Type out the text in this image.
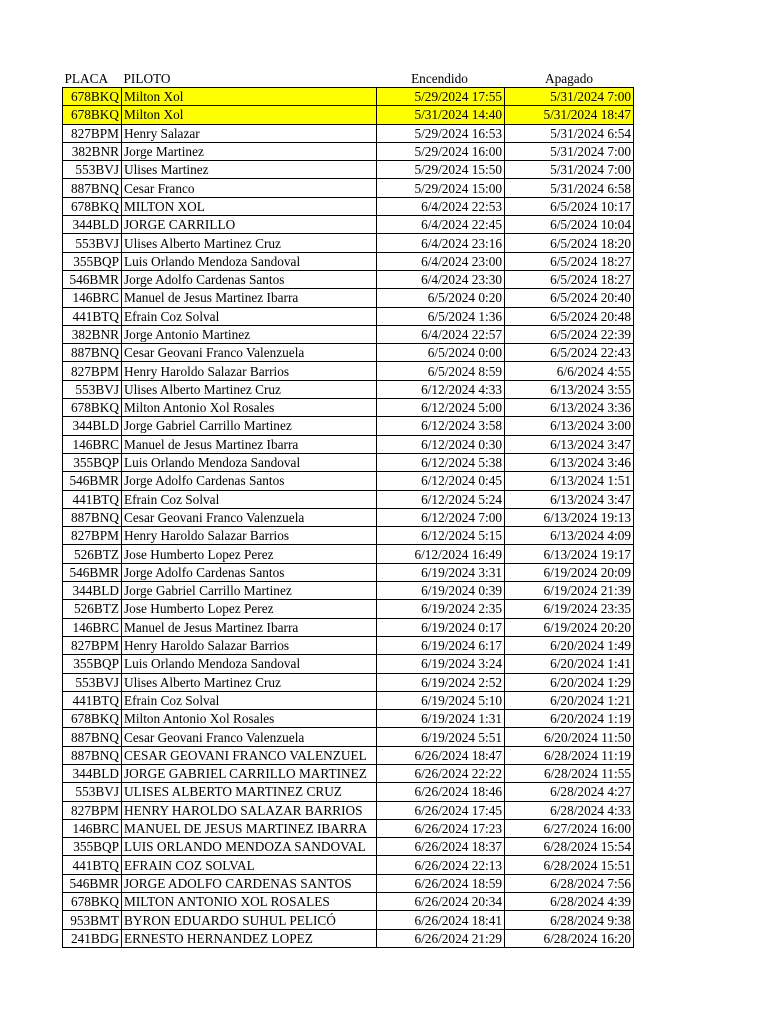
PLACA	PILOTO	Encendido	Apagado
678BKQ	Milton Xol	5/29/2024 17:55	5/31/2024 7:00
678BKQ	Milton Xol	5/31/2024 14:40	5/31/2024 18:47
827BPM	Henry Salazar	5/29/2024 16:53	5/31/2024 6:54
382BNR	Jorge Martinez	5/29/2024 16:00	5/31/2024 7:00
553BVJ	Ulises Martinez	5/29/2024 15:50	5/31/2024 7:00
887BNQ	Cesar Franco	5/29/2024 15:00	5/31/2024 6:58
678BKQ	MILTON XOL	6/4/2024 22:53	6/5/2024 10:17
344BLD	JORGE CARRILLO	6/4/2024 22:45	6/5/2024 10:04
553BVJ	Ulises Alberto Martinez Cruz	6/4/2024 23:16	6/5/2024 18:20
355BQP	Luis Orlando Mendoza Sandoval	6/4/2024 23:00	6/5/2024 18:27
546BMR	Jorge Adolfo Cardenas Santos	6/4/2024 23:30	6/5/2024 18:27
146BRC	Manuel de Jesus Martinez Ibarra	6/5/2024 0:20	6/5/2024 20:40
441BTQ	Efrain Coz Solval	6/5/2024 1:36	6/5/2024 20:48
382BNR	Jorge Antonio Martinez	6/4/2024 22:57	6/5/2024 22:39
887BNQ	Cesar Geovani Franco Valenzuela	6/5/2024 0:00	6/5/2024 22:43
827BPM	Henry Haroldo Salazar Barrios	6/5/2024 8:59	6/6/2024 4:55
553BVJ	Ulises Alberto Martinez Cruz	6/12/2024 4:33	6/13/2024 3:55
678BKQ	Milton Antonio Xol Rosales	6/12/2024 5:00	6/13/2024 3:36
344BLD	Jorge Gabriel Carrillo Martinez	6/12/2024 3:58	6/13/2024 3:00
146BRC	Manuel de Jesus Martinez Ibarra	6/12/2024 0:30	6/13/2024 3:47
355BQP	Luis Orlando Mendoza Sandoval	6/12/2024 5:38	6/13/2024 3:46
546BMR	Jorge Adolfo Cardenas Santos	6/12/2024 0:45	6/13/2024 1:51
441BTQ	Efrain Coz Solval	6/12/2024 5:24	6/13/2024 3:47
887BNQ	Cesar Geovani Franco Valenzuela	6/12/2024 7:00	6/13/2024 19:13
827BPM	Henry Haroldo Salazar Barrios	6/12/2024 5:15	6/13/2024 4:09
526BTZ	Jose Humberto Lopez Perez	6/12/2024 16:49	6/13/2024 19:17
546BMR	Jorge Adolfo Cardenas Santos	6/19/2024 3:31	6/19/2024 20:09
344BLD	Jorge Gabriel Carrillo Martinez	6/19/2024 0:39	6/19/2024 21:39
526BTZ	Jose Humberto Lopez Perez	6/19/2024 2:35	6/19/2024 23:35
146BRC	Manuel de Jesus Martinez Ibarra	6/19/2024 0:17	6/19/2024 20:20
827BPM	Henry Haroldo Salazar Barrios	6/19/2024 6:17	6/20/2024 1:49
355BQP	Luis Orlando Mendoza Sandoval	6/19/2024 3:24	6/20/2024 1:41
553BVJ	Ulises Alberto Martinez Cruz	6/19/2024 2:52	6/20/2024 1:29
441BTQ	Efrain Coz Solval	6/19/2024 5:10	6/20/2024 1:21
678BKQ	Milton Antonio Xol Rosales	6/19/2024 1:31	6/20/2024 1:19
887BNQ	Cesar Geovani Franco Valenzuela	6/19/2024 5:51	6/20/2024 11:50
887BNQ	CESAR GEOVANI FRANCO VALENZUEL	6/26/2024 18:47	6/28/2024 11:19
344BLD	JORGE GABRIEL CARRILLO MARTINEZ	6/26/2024 22:22	6/28/2024 11:55
553BVJ	ULISES ALBERTO MARTINEZ CRUZ	6/26/2024 18:46	6/28/2024 4:27
827BPM	HENRY HAROLDO SALAZAR BARRIOS	6/26/2024 17:45	6/28/2024 4:33
146BRC	MANUEL DE JESUS MARTINEZ IBARRA	6/26/2024 17:23	6/27/2024 16:00
355BQP	LUIS ORLANDO MENDOZA SANDOVAL	6/26/2024 18:37	6/28/2024 15:54
441BTQ	EFRAIN COZ SOLVAL	6/26/2024 22:13	6/28/2024 15:51
546BMR	JORGE ADOLFO CARDENAS SANTOS	6/26/2024 18:59	6/28/2024 7:56
678BKQ	MILTON ANTONIO XOL ROSALES	6/26/2024 20:34	6/28/2024 4:39
953BMT	BYRON EDUARDO SUHUL PELICÓ	6/26/2024 18:41	6/28/2024 9:38
241BDG	ERNESTO HERNANDEZ LOPEZ	6/26/2024 21:29	6/28/2024 16:20
